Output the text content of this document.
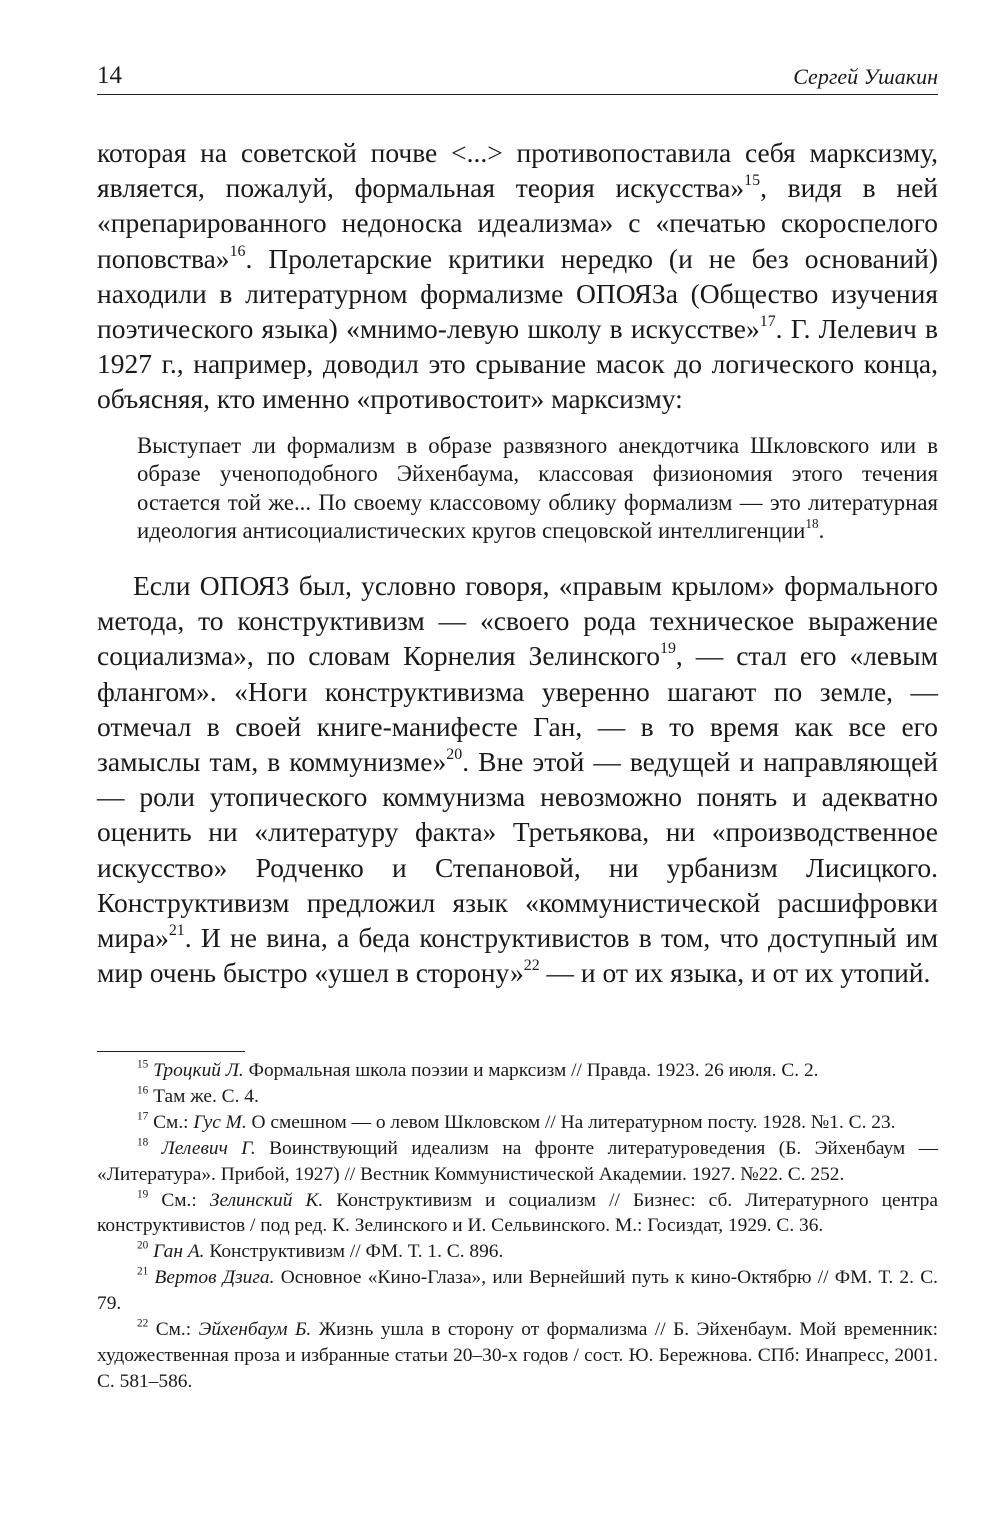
14	Сергей Ушакин

которая на советской почве <...> противопоставила себя марксизму, является, пожалуй, формальная теория искусства»$^{15}$, видя в ней «препарированного недоноска идеализма» с «печатью скороспелого поповства»$^{16}$. Пролетарские критики нередко (и не без оснований) находили в литературном формализме ОПОЯЗа (Общество изучения поэтического языка) «мнимо-левую школу в искусстве»$^{17}$. Г. Лелевич в 1927 г., например, доводил это срывание масок до логического конца, объясняя, кто именно «противостоит» марксизму:

Выступает ли формализм в образе развязного анекдотчика Шкловского или в образе ученоподобного Эйхенбаума, классовая физиономия этого течения остается той же... По своему классовому облику формализм — это литературная идеология антисоциалистических кругов спецовской интеллигенции$^{18}$.

Если ОПОЯЗ был, условно говоря, «правым крылом» формального метода, то конструктивизм — «своего рода техническое выражение социализма», по словам Корнелия Зелинского$^{19}$, — стал его «левым флангом». «Ноги конструктивизма уверенно шагают по земле, — отмечал в своей книге-манифесте Ган, — в то время как все его замыслы там, в коммунизме»$^{20}$. Вне этой — ведущей и направляющей — роли утопического коммунизма невозможно понять и адекватно оценить ни «литературу факта» Третьякова, ни «производственное искусство» Родченко и Степановой, ни урбанизм Лисицкого. Конструктивизм предложил язык «коммунистической расшифровки мира»$^{21}$. И не вина, а беда конструктивистов в том, что доступный им мир очень быстро «ушел в сторону»$^{22}$ — и от их языка, и от их утопий.

$^{15}$ Троцкий Л. Формальная школа поэзии и марксизм // Правда. 1923. 26 июля. С. 2.

$^{16}$ Там же. С. 4.

$^{17}$ См.: Гус М. О смешном — о левом Шкловском // На литературном посту. 1928. №1. С. 23.

$^{18}$ Лелевич Г. Воинствующий идеализм на фронте литературоведения (Б. Эйхенбаум — «Литература». Прибой, 1927) // Вестник Коммунистической Академии. 1927. №22. С. 252.

$^{19}$ См.: Зелинский К. Конструктивизм и социализм // Бизнес: сб. Литературного центра конструктивистов / под ред. К. Зелинского и И. Сельвинского. М.: Госиздат, 1929. С. 36.

$^{20}$ Ган А. Конструктивизм // ФМ. Т. 1. С. 896.

$^{21}$ Вертов Дзига. Основное «Кино-Глаза», или Вернейший путь к кино-Октябрю // ФМ. Т. 2. С. 79.

$^{22}$ См.: Эйхенбаум Б. Жизнь ушла в сторону от формализма // Б. Эйхенбаум. Мой временник: художественная проза и избранные статьи 20–30-х годов / сост. Ю. Бережнова. СПб: Инапресс, 2001. С. 581–586.
